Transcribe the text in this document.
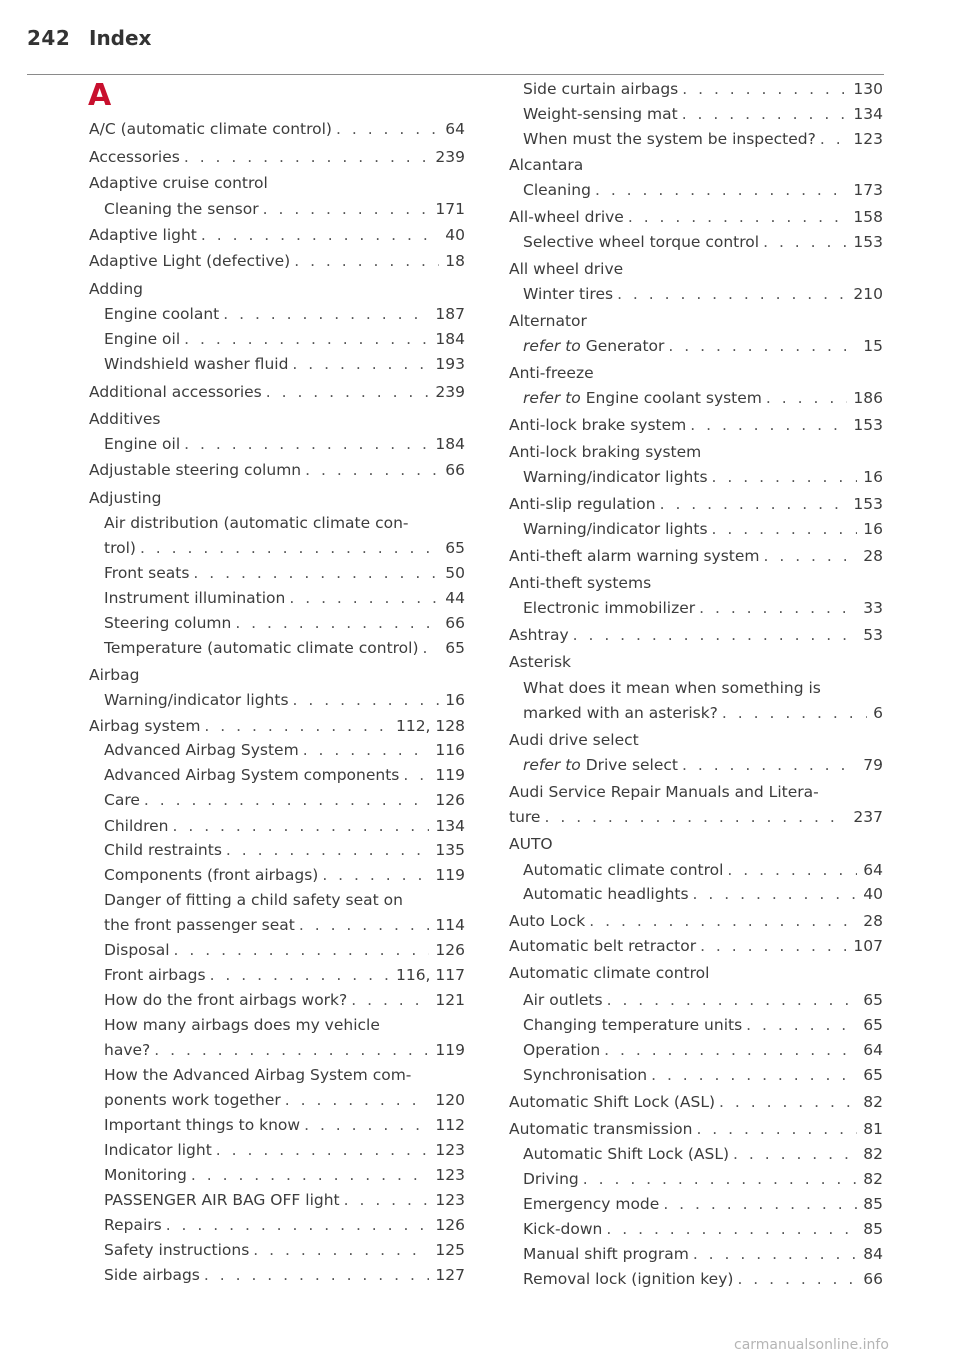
242 Index
A
A/C (automatic climate control) . . .	64
Accessories . . .	239
Adaptive cruise control
Cleaning the sensor . . .	171
Adaptive light . . .	40
Adaptive Light (defective) . . .	18
Adding
Engine coolant . . .	187
Engine oil . . .	184
Windshield washer fluid . . .	193
Additional accessories . . .	239
Additives
Engine oil . . .	184
Adjustable steering column . . .	66
Adjusting
Air distribution (automatic climate con-
trol) . . .	65
Front seats . . .	50
Instrument illumination . . .	44
Steering column . . .	66
Temperature (automatic climate control) . . . 65
Airbag
Warning/indicator lights . . .	16
Airbag system . . .	112, 128
Advanced Airbag System . . .	116
Advanced Airbag System components . . . 119
Care . . .	126
Children . . .	134
Child restraints . . .	135
Components (front airbags) . . .	119
Danger of fitting a child safety seat on
the front passenger seat . . .	114
Disposal . . .	126
Front airbags . . .	116, 117
How do the front airbags work? . . .	121
How many airbags does my vehicle
have? . . .	119
How the Advanced Airbag System com-
ponents work together . . .	120
Important things to know . . .	112
Indicator light . . .	123
Monitoring . . .	123
PASSENGER AIR BAG OFF light . . .	123
Repairs . . .	126
Safety instructions . . .	125
Side airbags . . .	127
Side curtain airbags . . .	130
Weight-sensing mat . . .	134
When must the system be inspected? . . . 123
Alcantara
Cleaning . . .	173
All-wheel drive . . .	158
Selective wheel torque control . . .	153
All wheel drive
Winter tires . . .	210
Alternator
refer to Generator . . .	15
Anti-freeze
refer to Engine coolant system . . .	186
Anti-lock brake system . . .	153
Anti-lock braking system
Warning/indicator lights . . .	16
Anti-slip regulation . . .	153
Warning/indicator lights . . .	16
Anti-theft alarm warning system . . .	28
Anti-theft systems
Electronic immobilizer . . .	33
Ashtray . . .	53
Asterisk
What does it mean when something is
marked with an asterisk? . . .	6
Audi drive select
refer to Drive select . . .	79
Audi Service Repair Manuals and Litera-
ture . . .	237
AUTO
Automatic climate control . . .	64
Automatic headlights . . .	40
Auto Lock . . .	28
Automatic belt retractor . . .	107
Automatic climate control
Air outlets . . .	65
Changing temperature units . . .	65
Operation . . .	64
Synchronisation . . .	65
Automatic Shift Lock (ASL) . . .	82
Automatic transmission . . .	81
Automatic Shift Lock (ASL) . . .	82
Driving . . .	82
Emergency mode . . .	85
Kick-down . . .	85
Manual shift program . . .	84
Removal lock (ignition key) . . .	66
carmanualsonline.info
